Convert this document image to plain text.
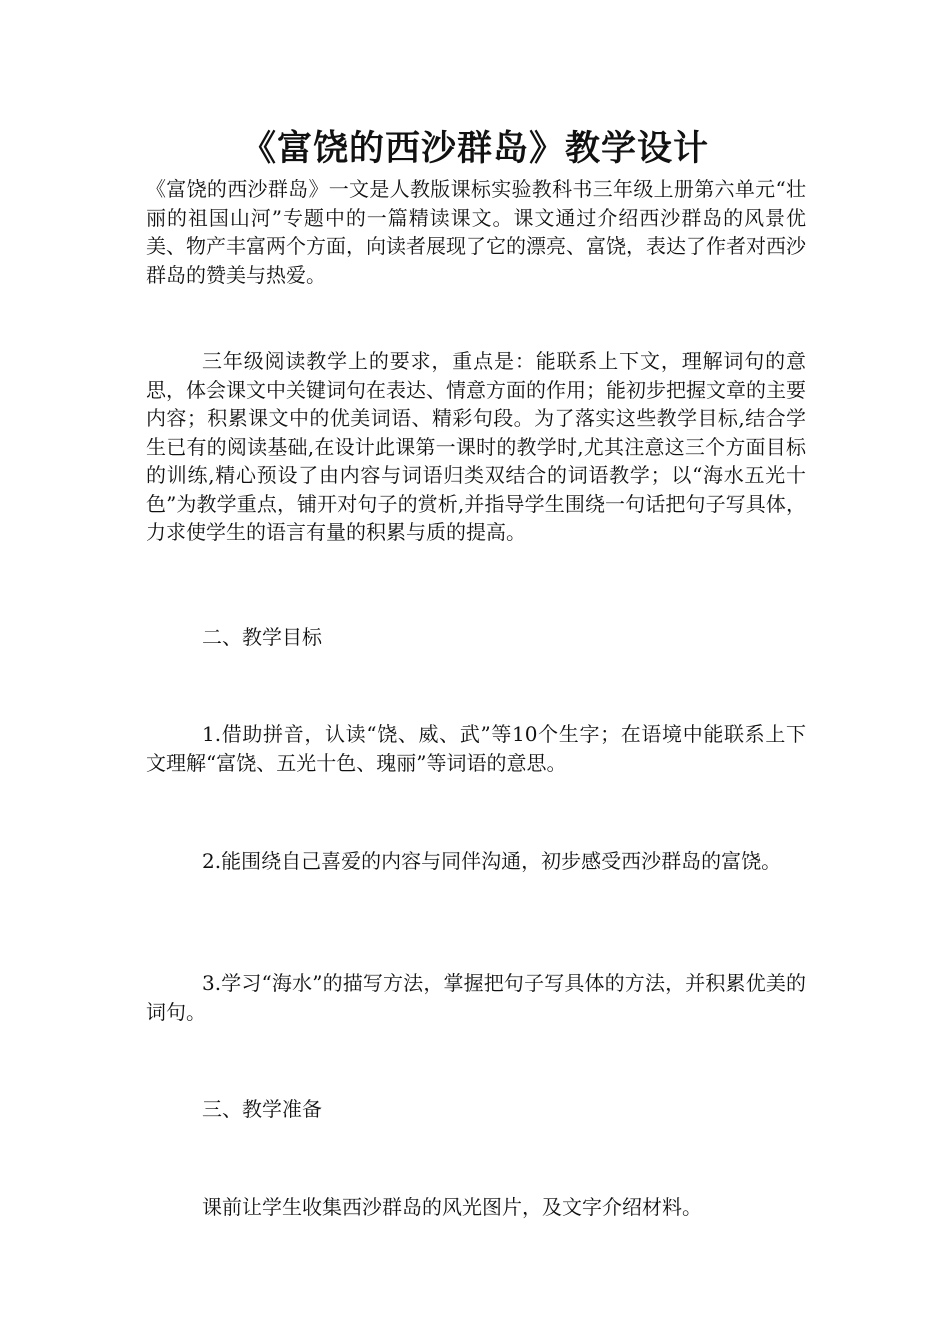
《富饶的西沙群岛》教学设计

《富饶的西沙群岛》一文是人教版课标实验教科书三年级上册第六单元“壮丽的祖国山河”专题中的一篇精读课文。课文通过介绍西沙群岛的风景优美、物产丰富两个方面，向读者展现了它的漂亮、富饶，表达了作者对西沙群岛的赞美与热爱。

三年级阅读教学上的要求，重点是：能联系上下文，理解词句的意思，体会课文中关键词句在表达、情意方面的作用；能初步把握文章的主要内容；积累课文中的优美词语、精彩句段。为了落实这些教学目标,结合学生已有的阅读基础,在设计此课第一课时的教学时,尤其注意这三个方面目标的训练,精心预设了由内容与词语归类双结合的词语教学；以“海水五光十色”为教学重点，铺开对句子的赏析,并指导学生围绕一句话把句子写具体，力求使学生的语言有量的积累与质的提高。

二、教学目标

1.借助拼音，认读“饶、威、武”等10个生字；在语境中能联系上下文理解“富饶、五光十色、瑰丽”等词语的意思。

2.能围绕自己喜爱的内容与同伴沟通，初步感受西沙群岛的富饶。

3.学习“海水”的描写方法，掌握把句子写具体的方法，并积累优美的词句。

三、教学准备

课前让学生收集西沙群岛的风光图片，及文字介绍材料。
